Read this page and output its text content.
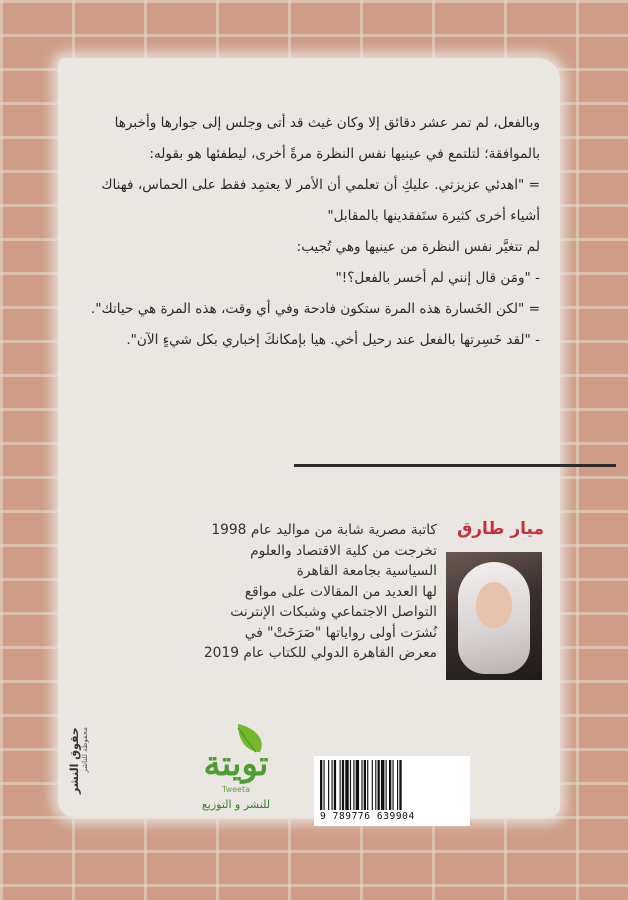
وبالفعل، لم تمر عشر دقائق إلا وكان غيث قد أتى وجلس إلى جوارها وأخبرها بالموافقة؛ لتلتمع في عينيها نفس النظرة مرةً أخرى، ليطفئها هو بقوله:

= "اهدئي عزيزتي. عليكِ أن تعلمي أن الأمر لا يعتمِد فقط على الحماس، فهناك أشياء أخرى كثيرة ستَفقدينها بالمقابل"

لم تتغيَّر نفس النظرة من عينيها وهي تُجيب:

- "ومَن قال إنني لم أخسر بالفعل؟!"

= "لكن الخَسارة هذه المرة ستكون فادحة وفي أي وقت، هذه المرة هي حياتك".

- "لقد خَسِرتها بالفعل عند رحيل أخي. هيا بإمكانكَ إخباري بكل شيءٍ الآن".

ميار طارق

كاتبة مصرية شابة من مواليد عام 1998

تخرجت من كلية الاقتصاد والعلوم

السياسية بجامعة القاهرة

لها العديد من المقالات على مواقع

التواصل الاجتماعي وشبكات الإنترنت

نُشرَت أولى رواياتها "صَرَخَتْ" في

معرض القاهرة الدولي للكتاب عام 2019

تويتة
Tweeta
للنشر و التوزيع
9 789776 639904
حقوق النشر محفوظة للناشر
